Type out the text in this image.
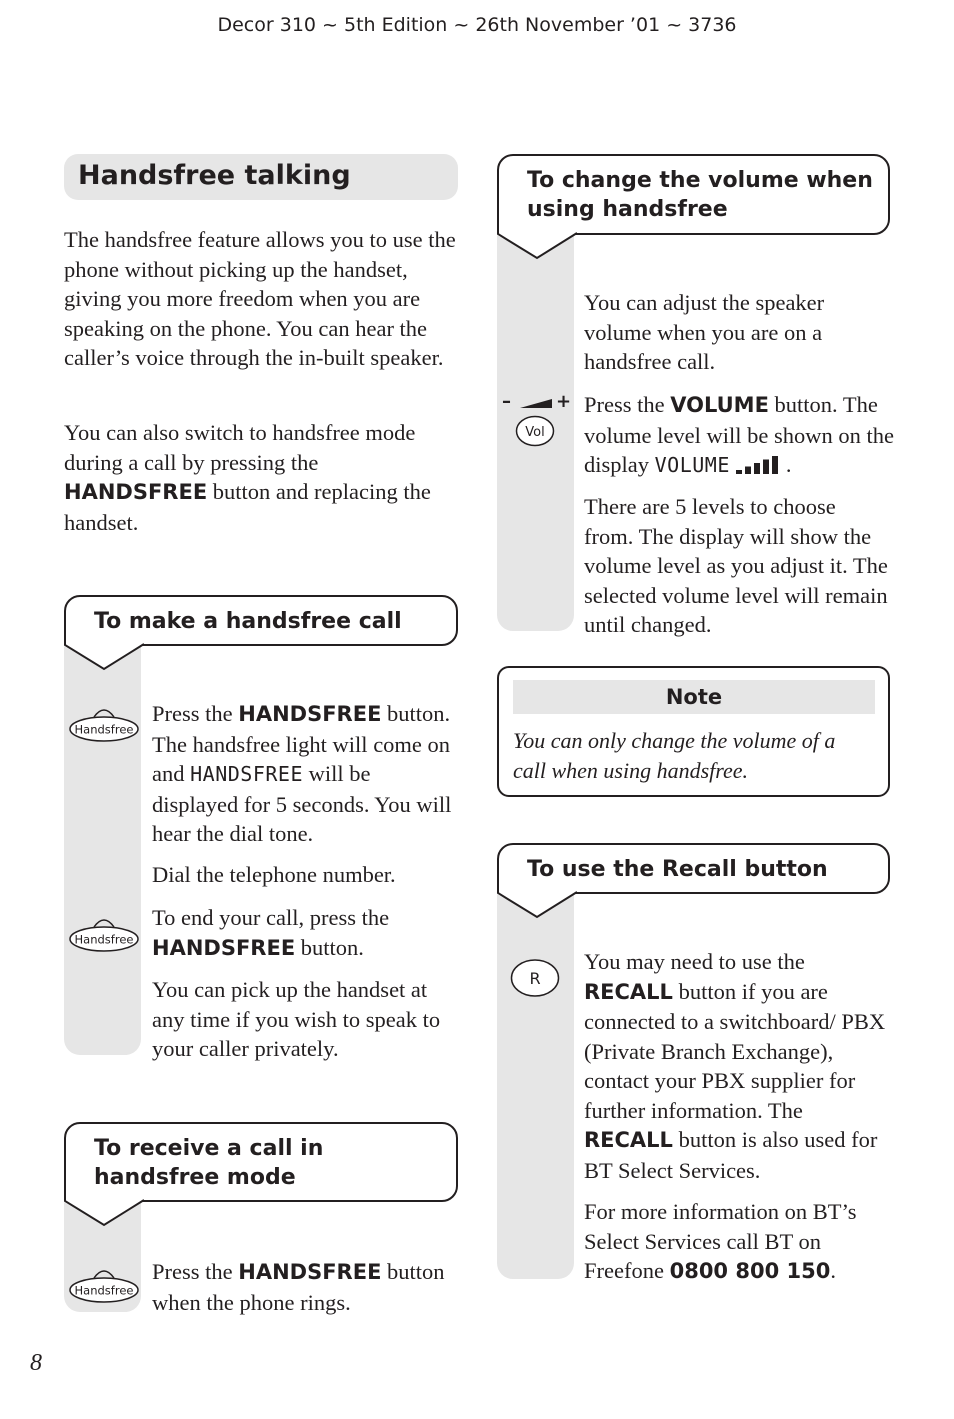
Decor 310 ~ 5th Edition ~ 26th November ’01 ~ 3736
Handsfree talking

The handsfree feature allows you to use the phone without picking up the handset, giving you more freedom when you are speaking on the phone. You can hear the caller’s voice through the in-built speaker.

You can also switch to handsfree mode during a call by pressing the HANDSFREE button and replacing the handset.

To make a handsfree call
Handsfree

Press the HANDSFREE button. The handsfree light will come on and HANDSFREE will be displayed for 5 seconds. You will hear the dial tone.

Dial the telephone number.

Handsfree

To end your call, press the HANDSFREE button.

You can pick up the handset at any time if you wish to speak to your caller privately.

To receive a call in handsfree mode
Handsfree

Press the HANDSFREE button when the phone rings.

To change the volume when using handsfree

You can adjust the speaker volume when you are on a handsfree call.

–	+
Vol

Press the VOLUME button. The volume level will be shown on the display VOLUME .

There are 5 levels to choose from. The display will show the volume level as you adjust it. The selected volume level will remain until changed.

Note

You can only change the volume of a call when using handsfree.

To use the Recall button
R

You may need to use the RECALL button if you are connected to a switchboard/ PBX (Private Branch Exchange), contact your PBX supplier for further information. The RECALL button is also used for BT Select Services.

For more information on BT’s Select Services call BT on Freefone 0800 800 150.

8
